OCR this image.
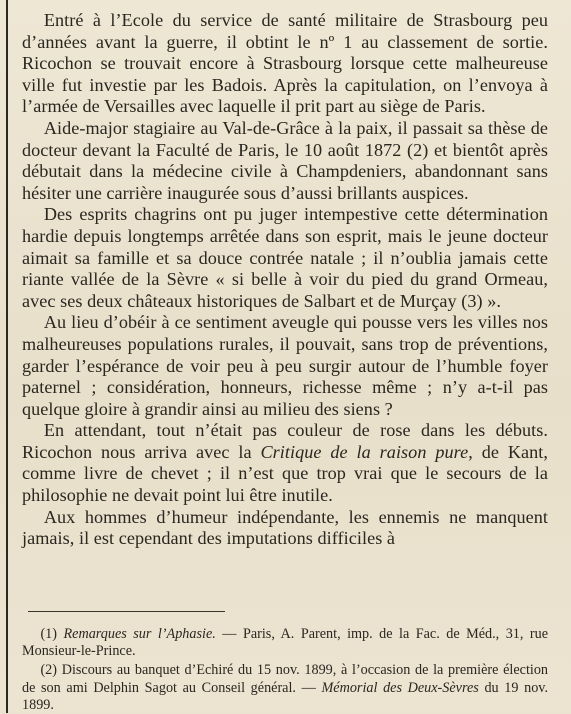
Entré à l’Ecole du service de santé militaire de Strasbourg peu d’années avant la guerre, il obtint le nº 1 au classement de sortie. Ricochon se trouvait encore à Strasbourg lorsque cette malheureuse ville fut investie par les Badois. Après la capitulation, on l’envoya à l’armée de Versailles avec laquelle il prit part au siège de Paris.

Aide-major stagiaire au Val-de-Grâce à la paix, il passait sa thèse de docteur devant la Faculté de Paris, le 10 août 1872 (2) et bientôt après débutait dans la médecine civile à Champdeniers, abandonnant sans hésiter une carrière inaugurée sous d’aussi brillants auspices.

Des esprits chagrins ont pu juger intempestive cette détermination hardie depuis longtemps arrêtée dans son esprit, mais le jeune docteur aimait sa famille et sa douce contrée natale ; il n’oublia jamais cette riante vallée de la Sèvre « si belle à voir du pied du grand Ormeau, avec ses deux châteaux historiques de Salbart et de Murçay (3) ».

Au lieu d’obéir à ce sentiment aveugle qui pousse vers les villes nos malheureuses populations rurales, il pouvait, sans trop de préventions, garder l’espérance de voir peu à peu surgir autour de l’humble foyer paternel ; considération, honneurs, richesse même ; n’y a-t-il pas quelque gloire à grandir ainsi au milieu des siens ?

En attendant, tout n’était pas couleur de rose dans les débuts. Ricochon nous arriva avec la Critique de la raison pure, de Kant, comme livre de chevet ; il n’est que trop vrai que le secours de la philosophie ne devait point lui être inutile.

Aux hommes d’humeur indépendante, les ennemis ne manquent jamais, il est cependant des imputations difficiles à

(1) Remarques sur l’Aphasie. — Paris, A. Parent, imp. de la Fac. de Méd., 31, rue Monsieur-le-Prince.

(2) Discours au banquet d’Echiré du 15 nov. 1899, à l’occasion de la première élection de son ami Delphin Sagot au Conseil général. — Mémorial des Deux-Sèvres du 19 nov. 1899.
